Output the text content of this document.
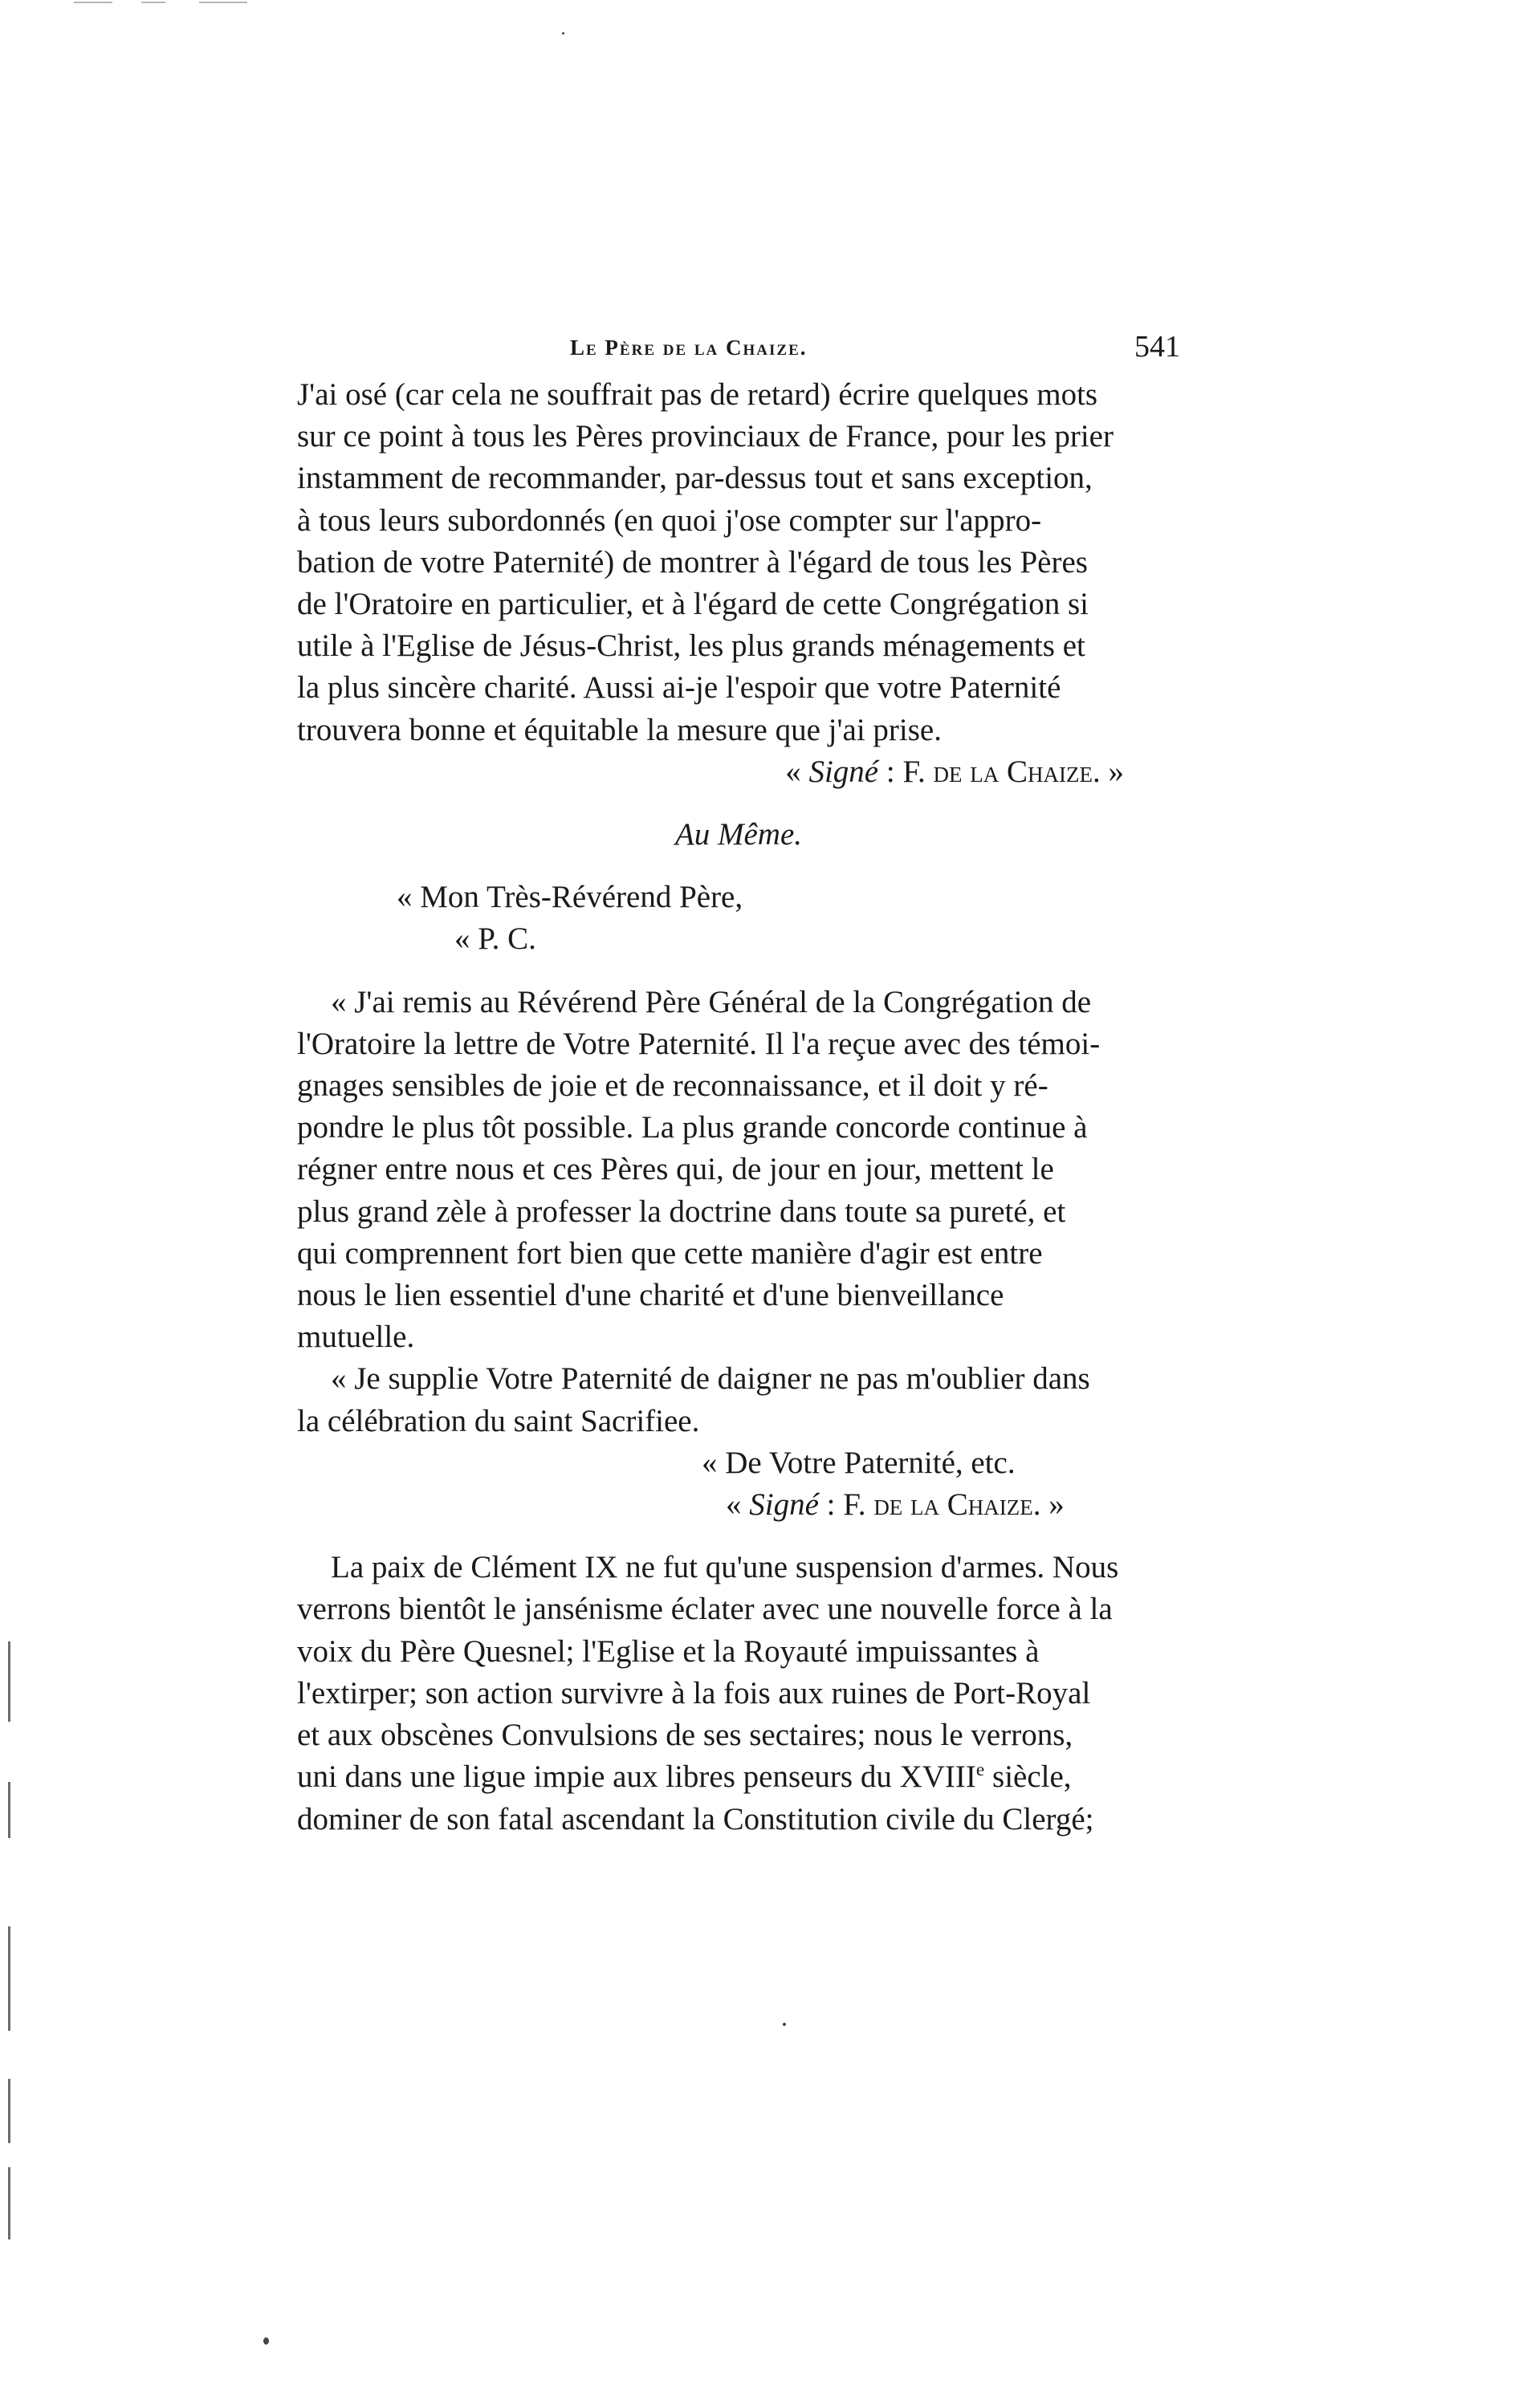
Le Père de la Chaize.	541

J'ai osé (car cela ne souffrait pas de retard) écrire quelques mots
sur ce point à tous les Pères provinciaux de France, pour les prier
instamment de recommander, par-dessus tout et sans exception,
à tous leurs subordonnés (en quoi j'ose compter sur l'appro-
bation de votre Paternité) de montrer à l'égard de tous les Pères
de l'Oratoire en particulier, et à l'égard de cette Congrégation si
utile à l'Eglise de Jésus-Christ, les plus grands ménagements et
la plus sincère charité. Aussi ai-je l'espoir que votre Paternité
trouvera bonne et équitable la mesure que j'ai prise.

« Signé : F. de la Chaize. »

Au Même.

« Mon Très-Révérend Père,

« P. C.

« J'ai remis au Révérend Père Général de la Congrégation de
l'Oratoire la lettre de Votre Paternité. Il l'a reçue avec des témoi-
gnages sensibles de joie et de reconnaissance, et il doit y ré-
pondre le plus tôt possible. La plus grande concorde continue à
régner entre nous et ces Pères qui, de jour en jour, mettent le
plus grand zèle à professer la doctrine dans toute sa pureté, et
qui comprennent fort bien que cette manière d'agir est entre
nous le lien essentiel d'une charité et d'une bienveillance
mutuelle.

« Je supplie Votre Paternité de daigner ne pas m'oublier dans
la célébration du saint Sacrifiee.

« De Votre Paternité, etc.

« Signé : F. de la Chaize. »

La paix de Clément IX ne fut qu'une suspension d'armes. Nous
verrons bientôt le jansénisme éclater avec une nouvelle force à la
voix du Père Quesnel; l'Eglise et la Royauté impuissantes à
l'extirper; son action survivre à la fois aux ruines de Port-Royal
et aux obscènes Convulsions de ses sectaires; nous le verrons,
uni dans une ligue impie aux libres penseurs du XVIIIe siècle,
dominer de son fatal ascendant la Constitution civile du Clergé;
